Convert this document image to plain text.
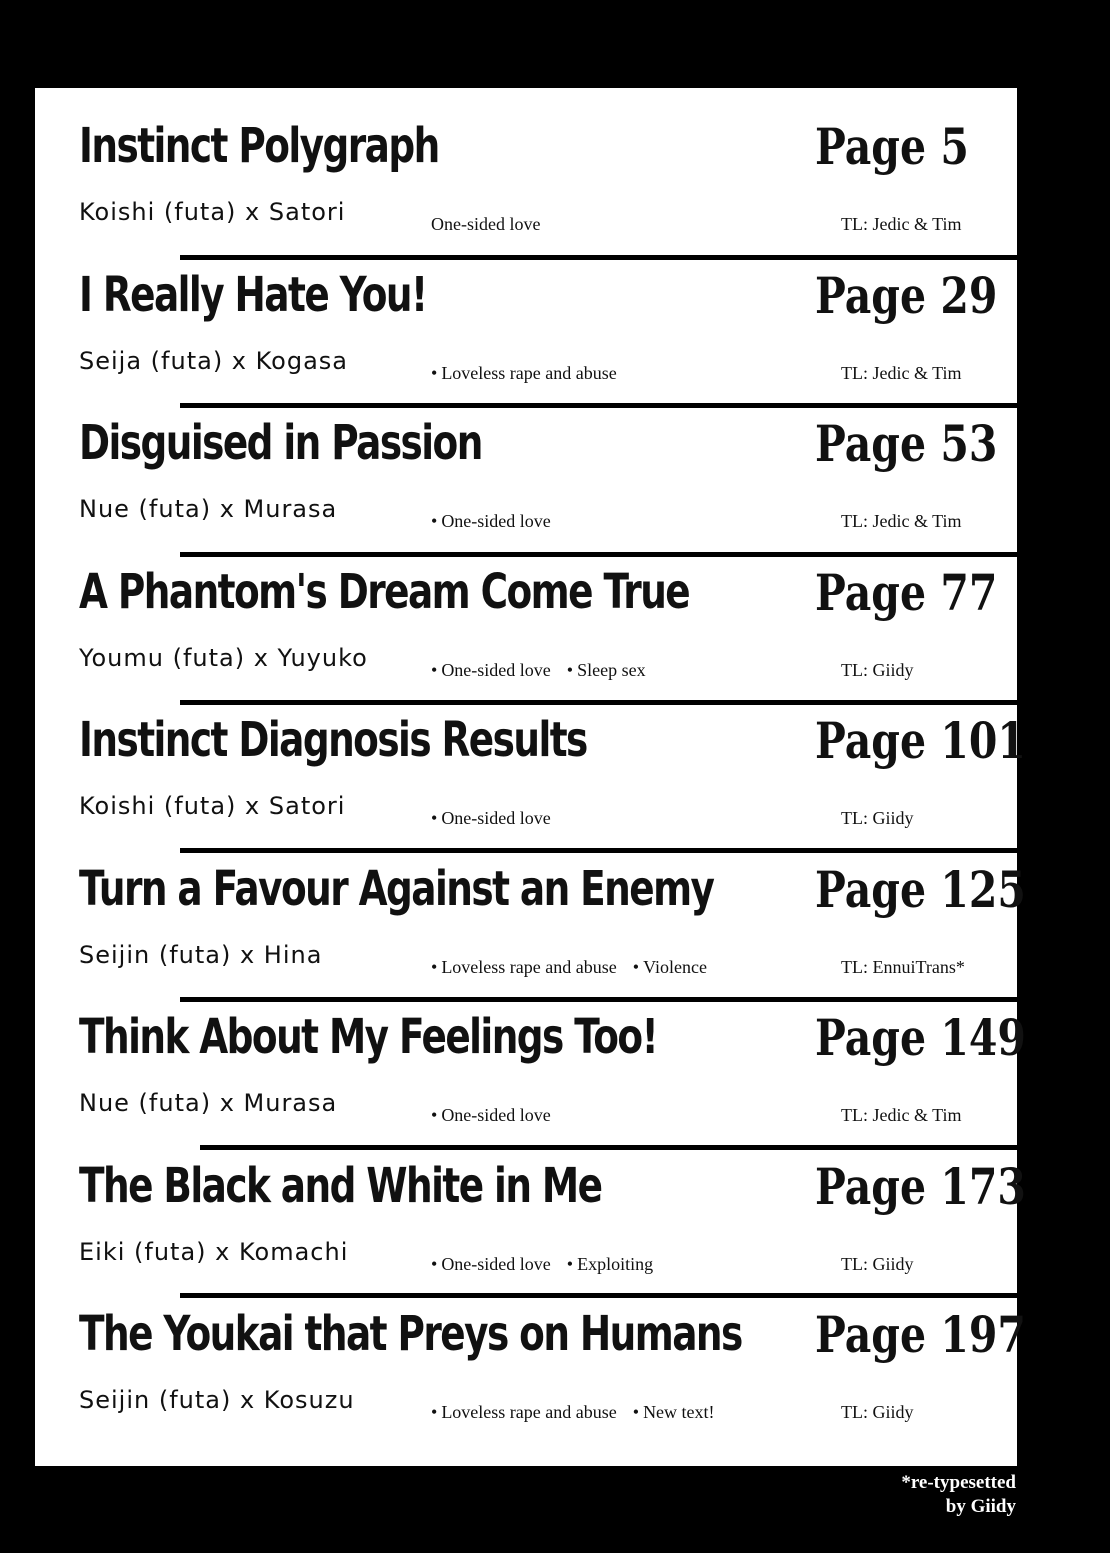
Instinct Polygraph	Page 5
Koishi (futa) x Satori	One-sided love	TL: Jedic & Tim
I Really Hate You!	Page 29
Seija (futa) x Kogasa	• Loveless rape and abuse	TL: Jedic & Tim
Disguised in Passion	Page 53
Nue (futa) x Murasa	• One-sided love	TL: Jedic & Tim
A Phantom's Dream Come True	Page 77
Youmu (futa) x Yuyuko	• One-sided love • Sleep sex	TL: Giidy
Instinct Diagnosis Results	Page 101
Koishi (futa) x Satori	• One-sided love	TL: Giidy
Turn a Favour Against an Enemy Page 125
Seijin (futa) x Hina	• Loveless rape and abuse • Violence	TL: EnnuiTrans*
Think About My Feelings Too!	Page 149
Nue (futa) x Murasa	• One-sided love	TL: Jedic & Tim
The Black and White in Me	Page 173
Eiki (futa) x Komachi	• One-sided love • Exploiting	TL: Giidy
The Youkai that Preys on Humans Page 197
Seijin (futa) x Kosuzu	• Loveless rape and abuse • New text!	TL: Giidy
*re-typesetted
by Giidy
